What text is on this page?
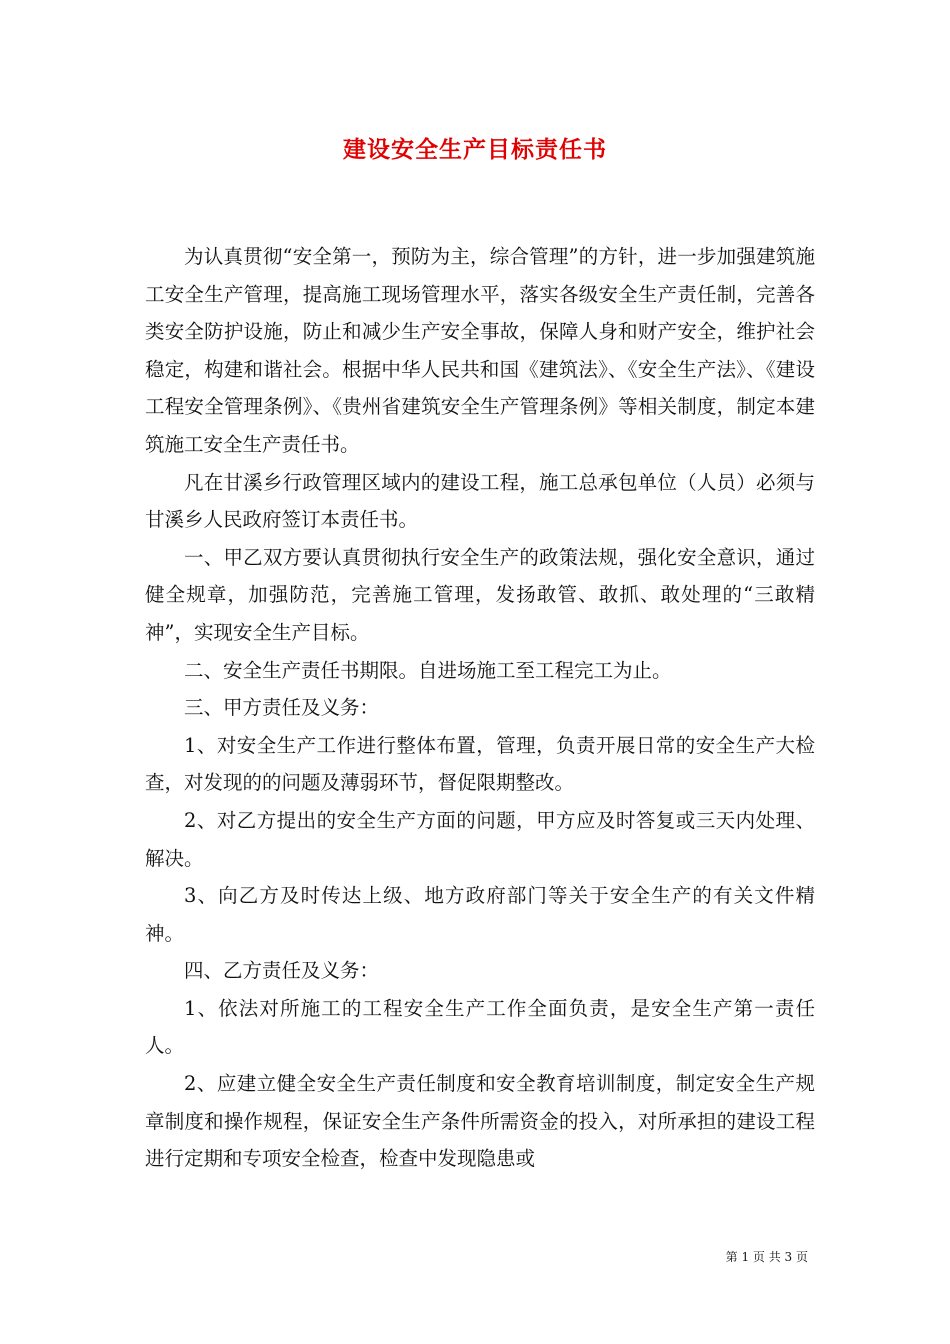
建设安全生产目标责任书

为认真贯彻“安全第一，预防为主，综合管理”的方针，进一步加强建筑施工安全生产管理，提高施工现场管理水平，落实各级安全生产责任制，完善各类安全防护设施，防止和减少生产安全事故，保障人身和财产安全，维护社会稳定，构建和谐社会。根据中华人民共和国《建筑法》、《安全生产法》、《建设工程安全管理条例》、《贵州省建筑安全生产管理条例》等相关制度，制定本建筑施工安全生产责任书。

凡在甘溪乡行政管理区域内的建设工程，施工总承包单位（人员）必须与甘溪乡人民政府签订本责任书。

一、甲乙双方要认真贯彻执行安全生产的政策法规，强化安全意识，通过健全规章，加强防范，完善施工管理，发扬敢管、敢抓、敢处理的“三敢精神”，实现安全生产目标。

二、安全生产责任书期限。自进场施工至工程完工为止。

三、甲方责任及义务：

1、对安全生产工作进行整体布置，管理，负责开展日常的安全生产大检查，对发现的的问题及薄弱环节，督促限期整改。

2、对乙方提出的安全生产方面的问题，甲方应及时答复或三天内处理、解决。

3、向乙方及时传达上级、地方政府部门等关于安全生产的有关文件精神。

四、乙方责任及义务：

1、依法对所施工的工程安全生产工作全面负责，是安全生产第一责任人。

2、应建立健全安全生产责任制度和安全教育培训制度，制定安全生产规章制度和操作规程，保证安全生产条件所需资金的投入，对所承担的建设工程进行定期和专项安全检查，检查中发现隐患或

第 1 页 共 3 页
